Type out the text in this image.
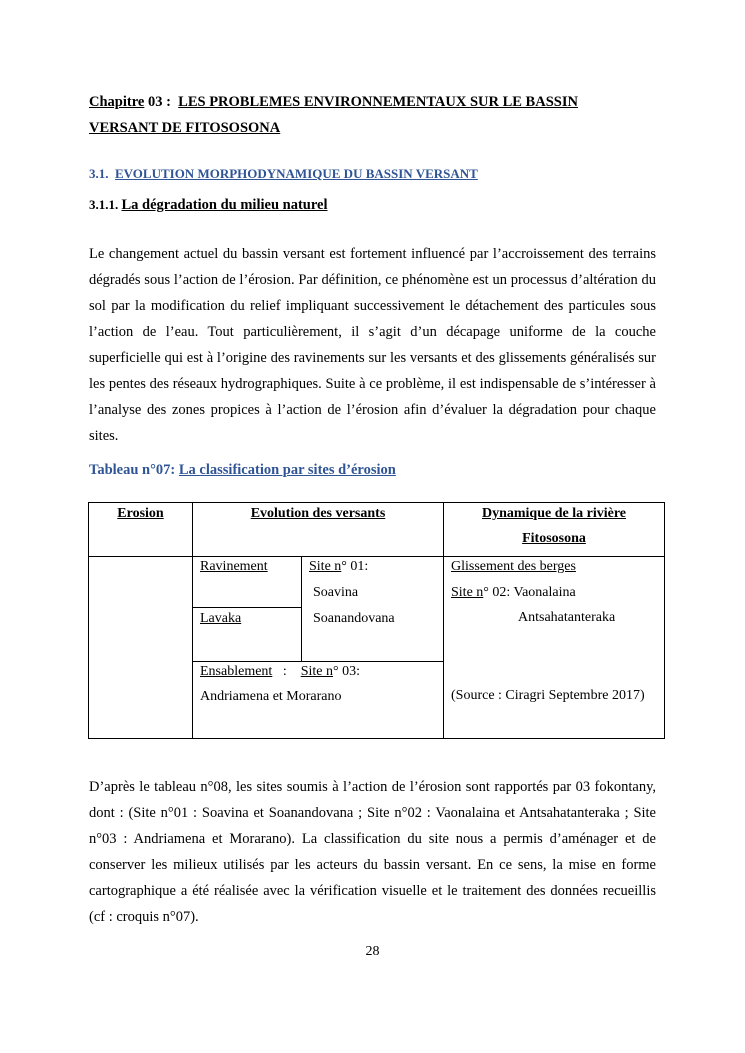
Chapitre 03 : LES PROBLEMES ENVIRONNEMENTAUX SUR LE BASSIN
VERSANT DE FITOSOSONA
3.1. EVOLUTION MORPHODYNAMIQUE DU BASSIN VERSANT
3.1.1. La dégradation du milieu naturel

Le changement actuel du bassin versant est fortement influencé par l’accroissement des terrains dégradés sous l’action de l’érosion. Par définition, ce phénomène est un processus d’altération du sol par la modification du relief impliquant successivement le détachement des particules sous l’action de l’eau. Tout particulièrement, il s’agit d’un décapage uniforme de la couche superficielle qui est à l’origine des ravinements sur les versants et des glissements généralisés sur les pentes des réseaux hydrographiques. Suite à ce problème, il est indispensable de s’intéresser à l’analyse des zones propices à l’action de l’érosion afin d’évaluer la dégradation pour chaque sites.

Tableau n°07: La classification par sites d’érosion
Erosion	Evolution des versants	Dynamique de la rivière
Fitososona
Ravinement
Lavaka
Site n° 01:
Soavina
Soanandovana
Ensablement : Site n° 03:
Andriamena et Morarano
Glissement des berges
Site n° 02: Vaonalaina
Antsahatanteraka
(Source : Ciragri Septembre 2017)

D’après le tableau n°08, les sites soumis à l’action de l’érosion sont rapportés par 03 fokontany, dont : (Site n°01 : Soavina et Soanandovana ; Site n°02 : Vaonalaina et Antsahatanteraka ; Site n°03 : Andriamena et Morarano). La classification du site nous a permis d’aménager et de conserver les milieux utilisés par les acteurs du bassin versant. En ce sens, la mise en forme cartographique a été réalisée avec la vérification visuelle et le traitement des données recueillis (cf : croquis n°07).

28
